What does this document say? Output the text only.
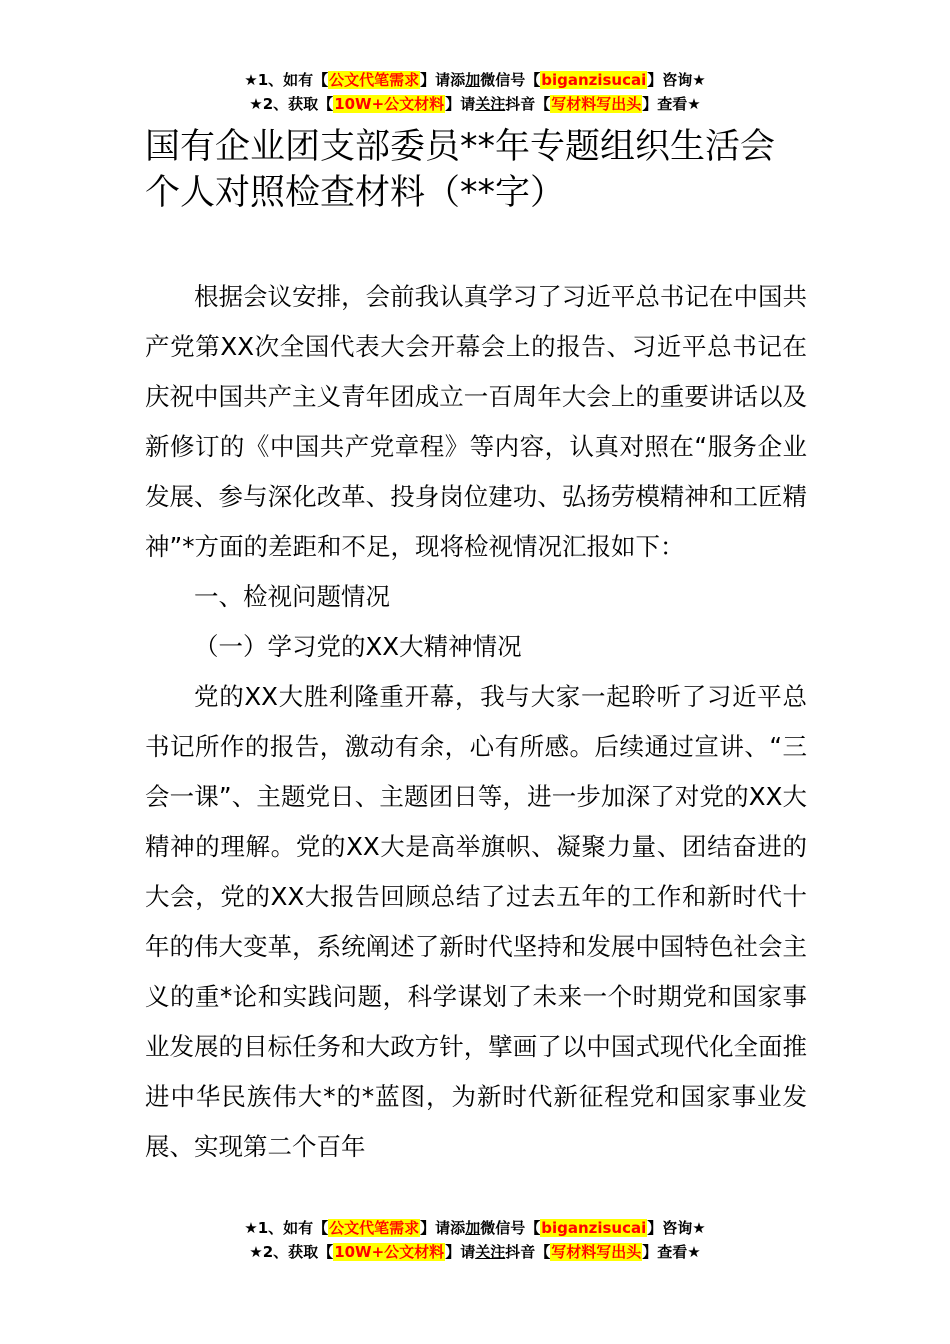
★1、如有【公文代笔需求】请添加微信号【biganzisucai】咨询★
★2、获取【10W+公文材料】请关注抖音【写材料写出头】查看★
国有企业团支部委员**年专题组织生活会
个人对照检查材料（**字）

根据会议安排，会前我认真学习了习近平总书记在中国共产党第XX次全国代表大会开幕会上的报告、习近平总书记在庆祝中国共产主义青年团成立一百周年大会上的重要讲话以及新修订的《中国共产党章程》等内容，认真对照在“服务企业发展、参与深化改革、投身岗位建功、弘扬劳模精神和工匠精神”*方面的差距和不足，现将检视情况汇报如下：

一、检视问题情况

（一）学习党的XX大精神情况

党的XX大胜利隆重开幕，我与大家一起聆听了习近平总书记所作的报告，激动有余，心有所感。后续通过宣讲、“三会一课”、主题党日、主题团日等，进一步加深了对党的XX大精神的理解。党的XX大是高举旗帜、凝聚力量、团结奋进的大会，党的XX大报告回顾总结了过去五年的工作和新时代十年的伟大变革，系统阐述了新时代坚持和发展中国特色社会主义的重*论和实践问题，科学谋划了未来一个时期党和国家事业发展的目标任务和大政方针，擘画了以中国式现代化全面推进中华民族伟大*的*蓝图，为新时代新征程党和国家事业发展、实现第二个百年

★1、如有【公文代笔需求】请添加微信号【biganzisucai】咨询★
★2、获取【10W+公文材料】请关注抖音【写材料写出头】查看★
